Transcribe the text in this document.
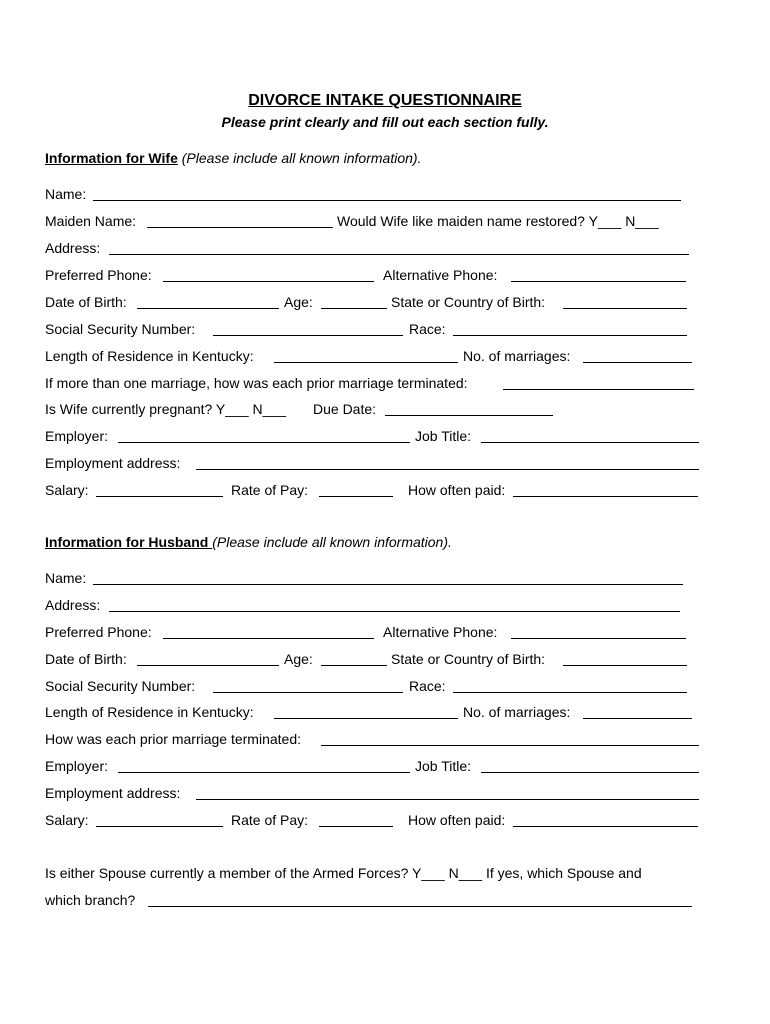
DIVORCE INTAKE QUESTIONNAIRE
Please print clearly and fill out each section fully.
Information for Wife (Please include all known information).
Name:
Maiden Name:	Would Wife like maiden name restored? Y___ N___
Address:
Preferred Phone:	Alternative Phone:
Date of Birth:	Age:	State or Country of Birth:
Social Security Number:	Race:
Length of Residence in Kentucky:	No. of marriages:
If more than one marriage, how was each prior marriage terminated:
Is Wife currently pregnant? Y___ N___ Due Date:
Employer:	Job Title:
Employment address:
Salary:	Rate of Pay:	How often paid:
Information for Husband (Please include all known information).
Name:
Address:
Preferred Phone:	Alternative Phone:
Date of Birth:	Age:	State or Country of Birth:
Social Security Number:	Race:
Length of Residence in Kentucky:	No. of marriages:
How was each prior marriage terminated:
Employer:	Job Title:
Employment address:
Salary:	Rate of Pay:	How often paid:
Is either Spouse currently a member of the Armed Forces? Y___ N___ If yes, which Spouse and
which branch?
